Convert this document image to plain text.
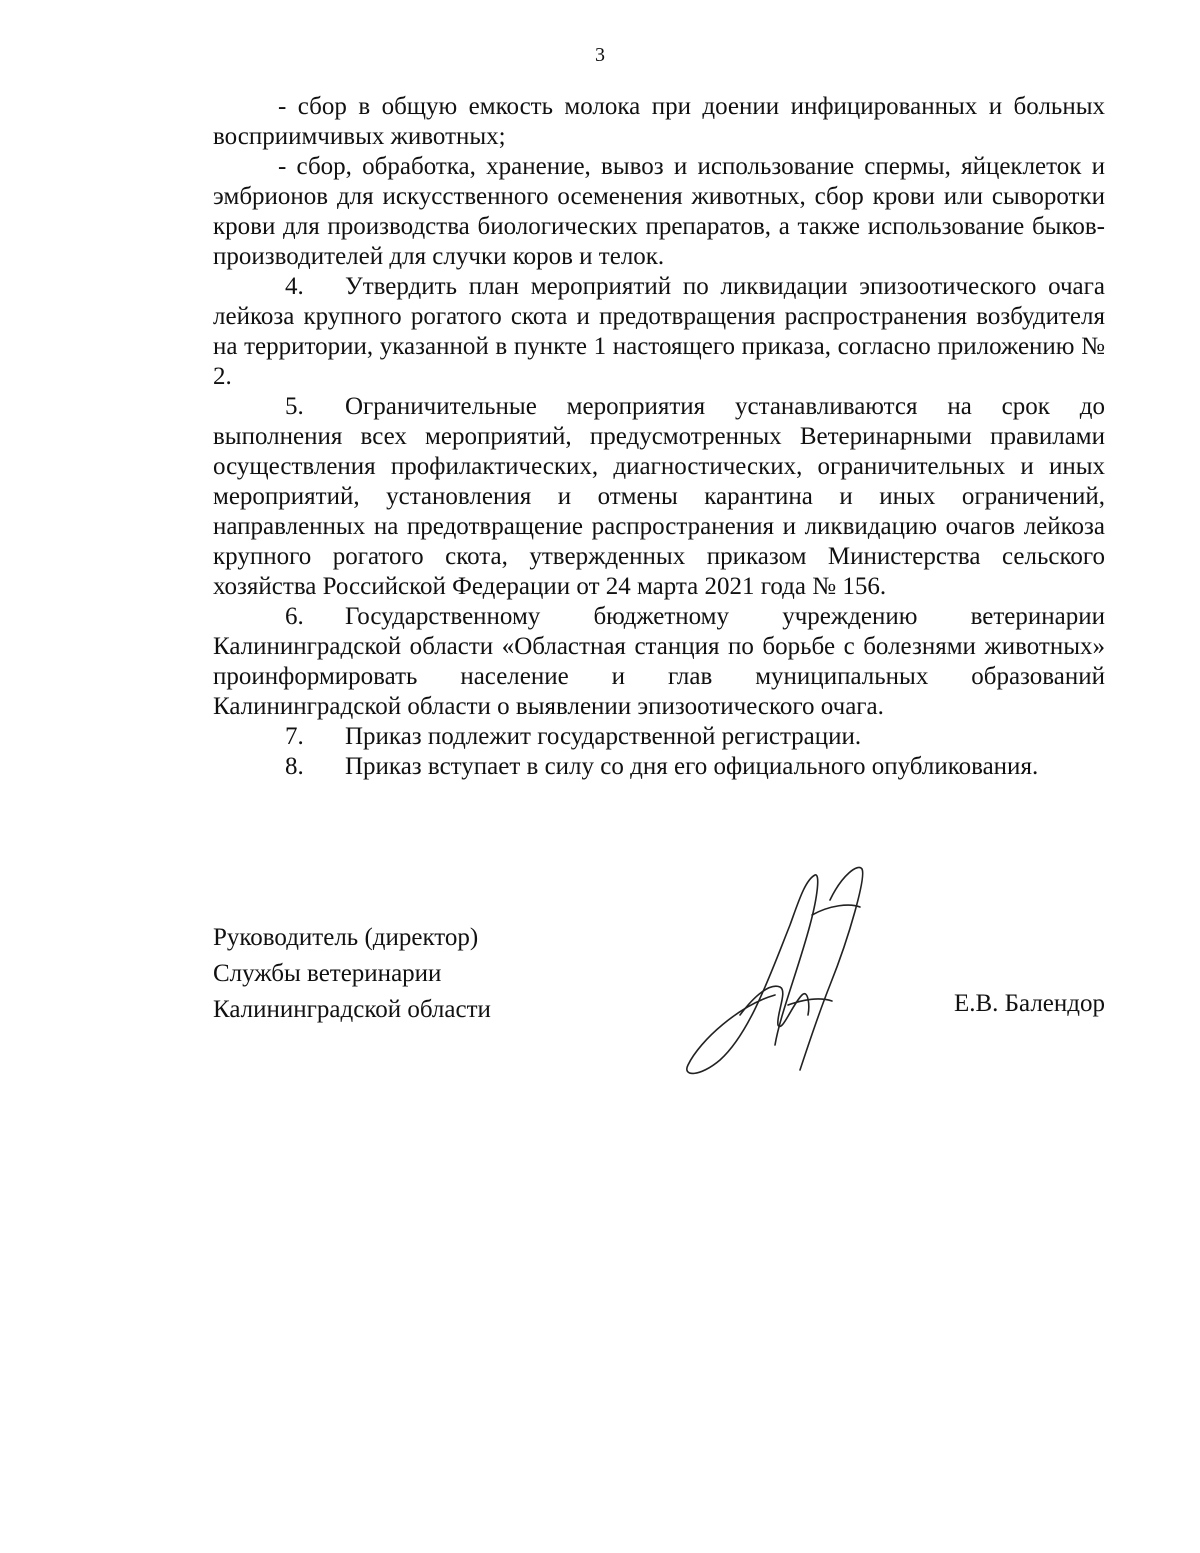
3

- сбор в общую емкость молока при доении инфицированных и больных восприимчивых животных;

- сбор, обработка, хранение, вывоз и использование спермы, яйцеклеток и эмбрионов для искусственного осеменения животных, сбор крови или сыворотки крови для производства биологических препаратов, а также использование быков-производителей для случки коров и телок.

4. Утвердить план мероприятий по ликвидации эпизоотического очага лейкоза крупного рогатого скота и предотвращения распространения возбудителя на территории, указанной в пункте 1 настоящего приказа, согласно приложению № 2.

5. Ограничительные мероприятия устанавливаются на срок до выполнения всех мероприятий, предусмотренных Ветеринарными правилами осуществления профилактических, диагностических, ограничительных и иных мероприятий, установления и отмены карантина и иных ограничений, направленных на предотвращение распространения и ликвидацию очагов лейкоза крупного рогатого скота, утвержденных приказом Министерства сельского хозяйства Российской Федерации от 24 марта 2021 года № 156.

6. Государственному бюджетному учреждению ветеринарии Калининградской области «Областная станция по борьбе с болезнями животных» проинформировать население и глав муниципальных образований Калининградской области о выявлении эпизоотического очага.

7. Приказ подлежит государственной регистрации.

8. Приказ вступает в силу со дня его официального опубликования.

Руководитель (директор)
Службы ветеринарии
Калининградской области	Е.В. Балендор
